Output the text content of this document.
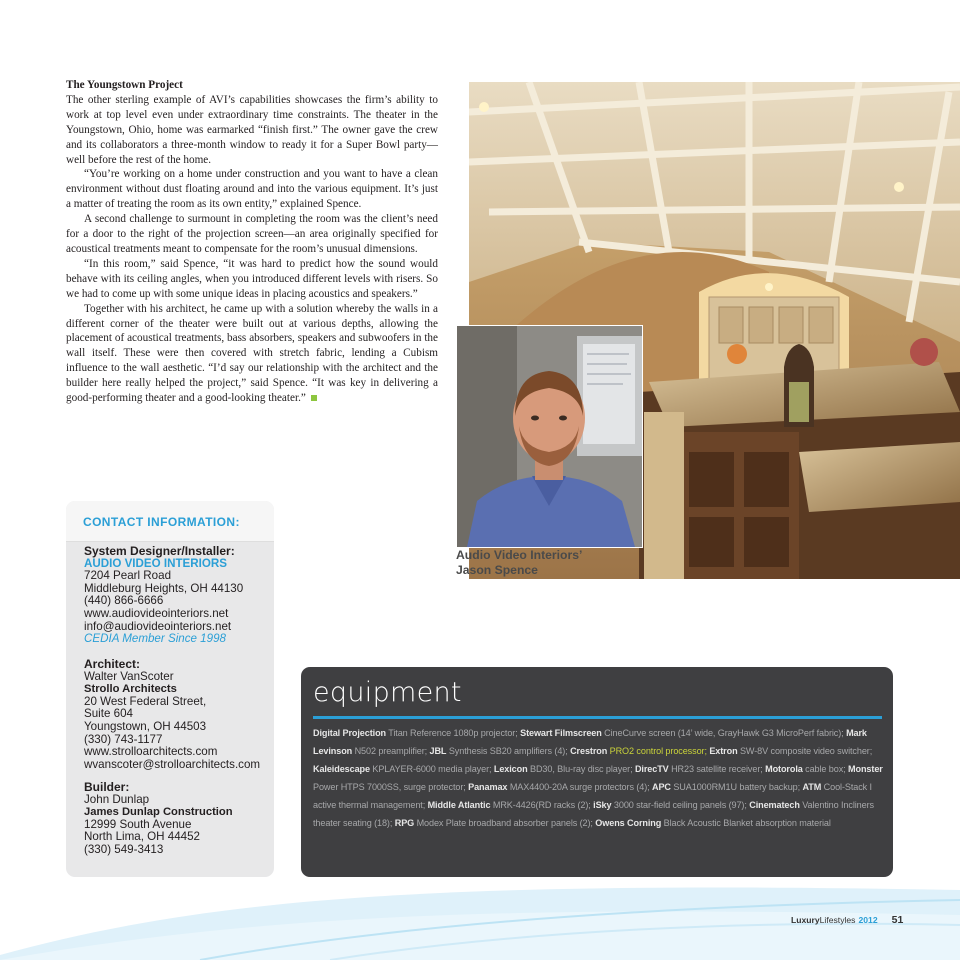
The Youngstown Project

The other sterling example of AVI’s capabilities showcases the firm’s ability to work at top level even under extraordinary time constraints. The theater in the Youngstown, Ohio, home was earmarked “finish first.” The owner gave the crew and its collaborators a three-month window to ready it for a Super Bowl party—well before the rest of the home.

“You’re working on a home under construction and you want to have a clean environment without dust floating around and into the various equipment. It’s just a matter of treating the room as its own entity,” explained Spence.

A second challenge to surmount in completing the room was the client’s need for a door to the right of the projection screen—an area originally specified for acoustical treatments meant to compensate for the room’s unusual dimensions.

“In this room,” said Spence, “it was hard to predict how the sound would behave with its ceiling angles, when you introduced different levels with risers. So we had to come up with some unique ideas in placing acoustics and speakers.”

Together with his architect, he came up with a solution whereby the walls in a different corner of the theater were built out at various depths, allowing the placement of acoustical treatments, bass absorbers, speakers and subwoofers in the wall itself. These were then covered with stretch fabric, lending a Cubism influence to the wall aesthetic. “I’d say our relationship with the architect and the builder here really helped the project,” said Spence. “It was key in delivering a good-performing theater and a good-looking theater.”

Audio Video Interiors’
Jason Spence
CONTACT INFORMATION:
System Designer/Installer:
AUDIO VIDEO INTERIORS
7204 Pearl Road
Middleburg Heights, OH 44130
(440) 866-6666
www.audiovideointeriors.net
info@audiovideointeriors.net
CEDIA Member Since 1998
Architect:
Walter VanScoter
Strollo Architects
20 West Federal Street,
Suite 604
Youngstown, OH 44503
(330) 743-1177
www.strolloarchitects.com
wvanscoter@strolloarchitects.com
Builder:
John Dunlap
James Dunlap Construction
12999 South Avenue
North Lima, OH 44452
(330) 549-3413
equipment
Digital Projection Titan Reference 1080p projector; Stewart Filmscreen CineCurve screen (14’ wide, GrayHawk G3 MicroPerf fabric); Mark Levinson N502 preamplifier; JBL Synthesis SB20 amplifiers (4); Crestron PRO2 control processor; Extron SW-8V composite video switcher; Kaleidescape KPLAYER-6000 media player; Lexicon BD30, Blu-ray disc player; DirecTV HR23 satellite receiver; Motorola cable box; Monster Power HTPS 7000SS, surge protector; Panamax MAX4400-20A surge protectors (4); APC SUA1000RM1U battery backup; ATM Cool-Stack I active thermal management; Middle Atlantic MRK-4426(RD racks (2); iSky 3000 star-field ceiling panels (97); Cinematech Valentino Incliners theater seating (18); RPG Modex Plate broadband absorber panels (2); Owens Corning Black Acoustic Blanket absorption material
LuxuryLifestyles 2012 51
